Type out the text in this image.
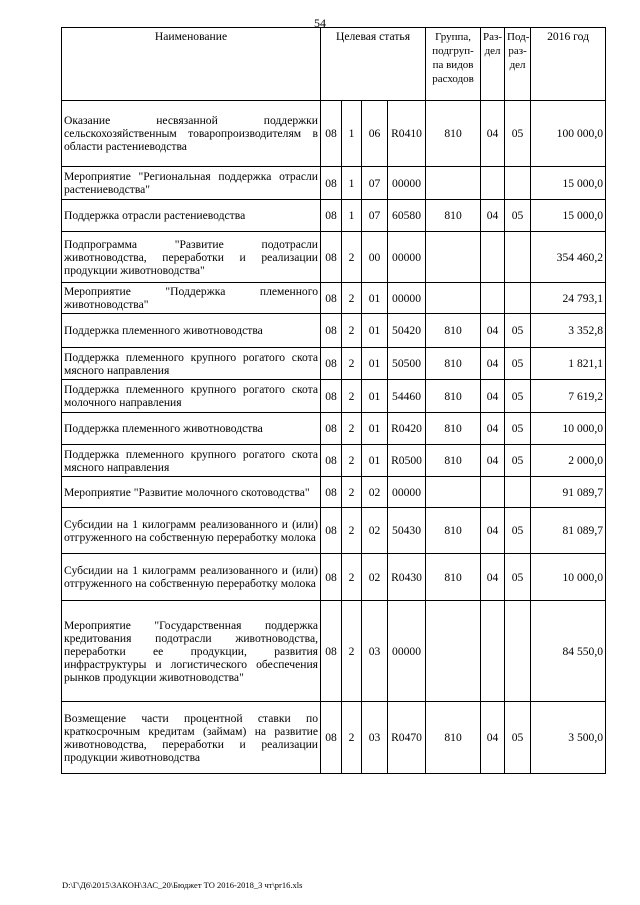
54
Наименование	Целевая статья				Группа, подгруп-па видов расходов	Раз-дел	Под-раз-дел	2016 год
Оказание несвязанной поддержки сельскохозяйственным товаропроизводителям в области растениеводства	08	1	06	R0410	810	04	05	100 000,0
Мероприятие "Региональная поддержка отрасли растениеводства"	08	1	07	00000				15 000,0
Поддержка отрасли растениеводства	08	1	07	60580	810	04	05	15 000,0
Подпрограмма "Развитие подотрасли животноводства, переработки и реализации продукции животноводства"	08	2	00	00000				354 460,2
Мероприятие "Поддержка племенного животноводства"	08	2	01	00000				24 793,1
Поддержка племенного животноводства	08	2	01	50420	810	04	05	3 352,8
Поддержка племенного крупного рогатого скота мясного направления	08	2	01	50500	810	04	05	1 821,1
Поддержка племенного крупного рогатого скота молочного направления	08	2	01	54460	810	04	05	7 619,2
Поддержка племенного животноводства	08	2	01	R0420	810	04	05	10 000,0
Поддержка племенного крупного рогатого скота мясного направления	08	2	01	R0500	810	04	05	2 000,0
Мероприятие "Развитие молочного скотоводства"	08	2	02	00000				91 089,7
Субсидии на 1 килограмм реализованного и (или) отгруженного на собственную переработку молока	08	2	02	50430	810	04	05	81 089,7
Субсидии на 1 килограмм реализованного и (или) отгруженного на собственную переработку молока	08	2	02	R0430	810	04	05	10 000,0
Мероприятие "Государственная поддержка кредитования подотрасли животноводства, переработки ее продукции, развития инфраструктуры и логистического обеспечения рынков продукции животноводства"	08	2	03	00000				84 550,0
Возмещение части процентной ставки по краткосрочным кредитам (займам) на развитие животноводства, переработки и реализации продукции животноводства	08	2	03	R0470	810	04	05	3 500,0
D:\Г\Д6\2015\ЗАКОН\ЗАС_20\Бюджет ТО 2016-2018_3 чт\pr16.xls
